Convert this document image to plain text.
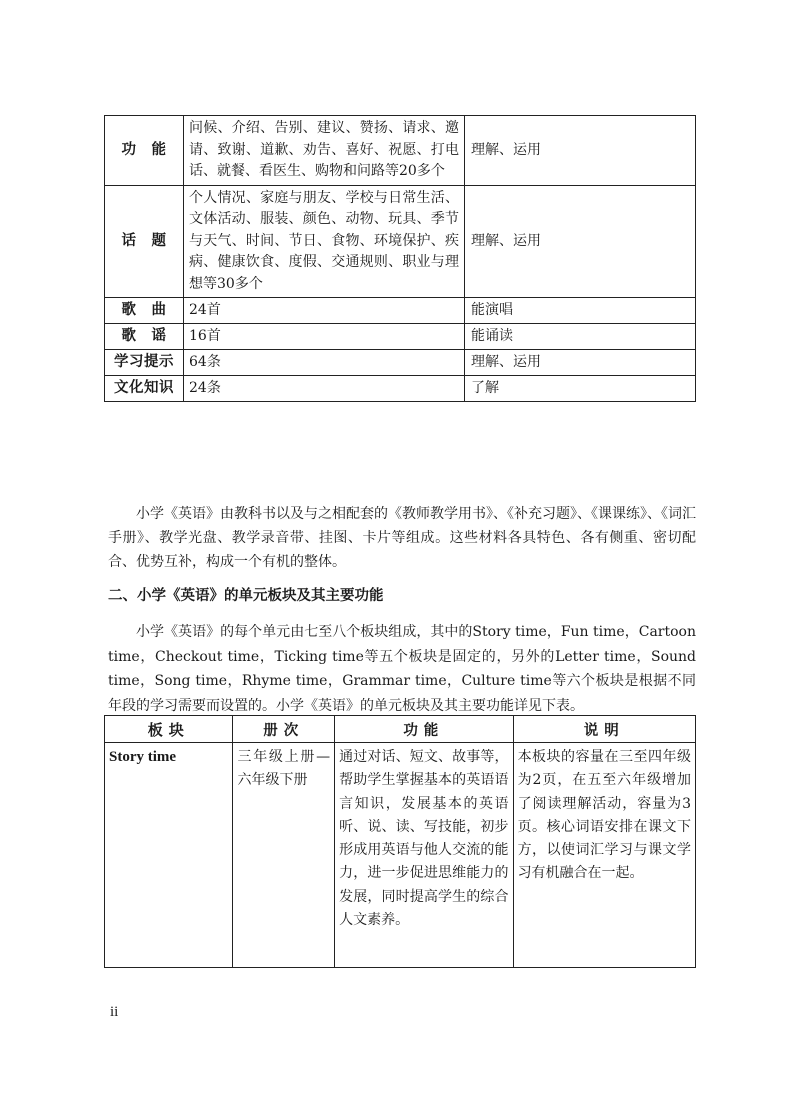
功　能	问候、介绍、告别、建议、赞扬、请求、邀请、致谢、道歉、劝告、喜好、祝愿、打电话、就餐、看医生、购物和问路等20多个	理解、运用
话　题	个人情况、家庭与朋友、学校与日常生活、文体活动、服装、颜色、动物、玩具、季节与天气、时间、节日、食物、环境保护、疾病、健康饮食、度假、交通规则、职业与理想等30多个	理解、运用
歌　曲	24首	能演唱
歌　谣	16首	能诵读
学习提示	64条	理解、运用
文化知识	24条	了解

小学《英语》由教科书以及与之相配套的《教师教学用书》、《补充习题》、《课课练》、《词汇手册》、教学光盘、教学录音带、挂图、卡片等组成。这些材料各具特色、各有侧重、密切配合、优势互补，构成一个有机的整体。

二、小学《英语》的单元板块及其主要功能

小学《英语》的每个单元由七至八个板块组成，其中的Story time，Fun time，Cartoon time，Checkout time，Ticking time等五个板块是固定的，另外的Letter time，Sound time，Song time，Rhyme time，Grammar time，Culture time等六个板块是根据不同年段的学习需要而设置的。小学《英语》的单元板块及其主要功能详见下表。

板块	册次	功能	说明
Story time	三年级上册—六年级下册	通过对话、短文、故事等，帮助学生掌握基本的英语语言知识，发展基本的英语听、说、读、写技能，初步形成用英语与他人交流的能力，进一步促进思维能力的发展，同时提高学生的综合人文素养。	本板块的容量在三至四年级为2页，在五至六年级增加了阅读理解活动，容量为3页。核心词语安排在课文下方，以使词汇学习与课文学习有机融合在一起。
ii
